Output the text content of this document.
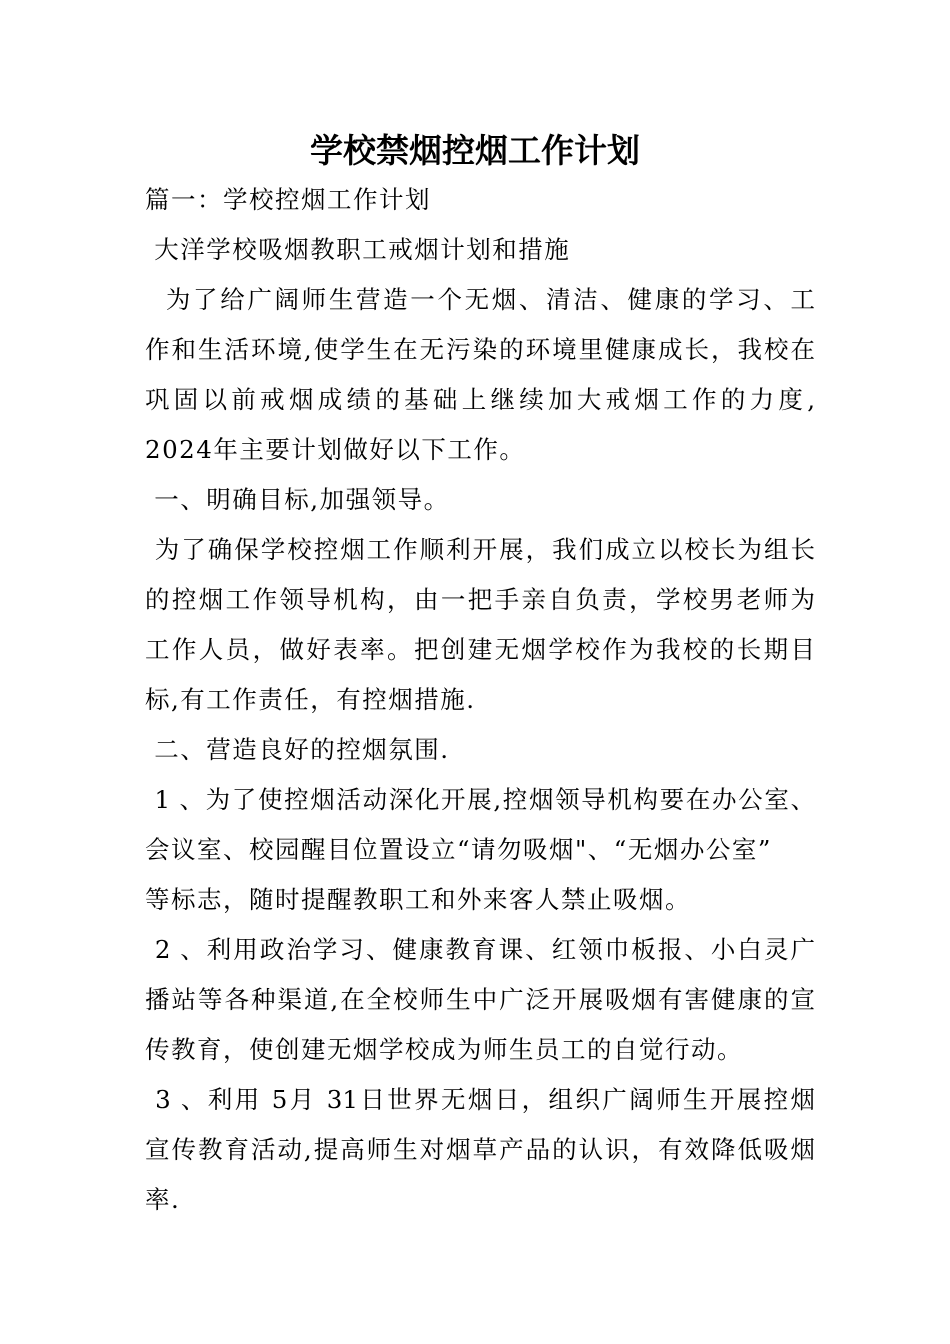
学校禁烟控烟工作计划

篇一：学校控烟工作计划

大洋学校吸烟教职工戒烟计划和措施

为了给广阔师生营造一个无烟、清洁、健康的学习、工

作和生活环境,使学生在无污染的环境里健康成长，我校在

巩固以前戒烟成绩的基础上继续加大戒烟工作的力度,

2024年主要计划做好以下工作。

一、明确目标,加强领导。

为了确保学校控烟工作顺利开展，我们成立以校长为组长

的控烟工作领导机构，由一把手亲自负责，学校男老师为

工作人员，做好表率。把创建无烟学校作为我校的长期目

标,有工作责任，有控烟措施.

二、营造良好的控烟氛围.

1 、为了使控烟活动深化开展,控烟领导机构要在办公室、

会议室、校园醒目位置设立“请勿吸烟"、“无烟办公室”

等标志，随时提醒教职工和外来客人禁止吸烟。

2 、利用政治学习、健康教育课、红领巾板报、小白灵广

播站等各种渠道,在全校师生中广泛开展吸烟有害健康的宣

传教育，使创建无烟学校成为师生员工的自觉行动。

3 、利用 5月 31日世界无烟日，组织广阔师生开展控烟

宣传教育活动,提高师生对烟草产品的认识，有效降低吸烟

率.
